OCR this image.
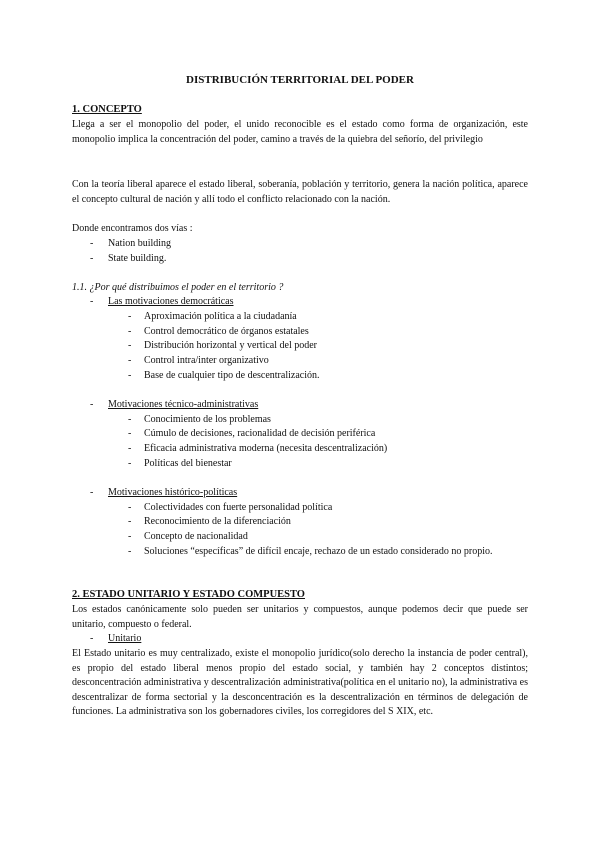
DISTRIBUCIÓN TERRITORIAL DEL PODER
1. CONCEPTO
Llega a ser el monopolio del poder, el unido reconocible es el estado como forma de organización, este monopolio implica la concentración del poder, camino a través de la quiebra del señorío, del privilegio
Con la teoría liberal aparece el estado liberal, soberanía, población y territorio, genera la nación política, aparece el concepto cultural de nación y allí todo el conflicto relacionado con la nación.
Donde encontramos dos vías :
- Nation building
- State building.
1.1. ¿Por qué distribuimos el poder en el territorio ?
- Las motivaciones democráticas
- Aproximación política a la ciudadanía
- Control democrático de órganos estatales
- Distribución horizontal y vertical del poder
- Control intra/inter organizativo
- Base de cualquier tipo de descentralización.
- Motivaciones técnico-administrativas
- Conocimiento de los problemas
- Cúmulo de decisiones, racionalidad de decisión periférica
- Eficacia administrativa moderna (necesita descentralización)
- Políticas del bienestar
- Motivaciones histórico-políticas
- Colectividades con fuerte personalidad política
- Reconocimiento de la diferenciación
- Concepto de nacionalidad
- Soluciones “específicas” de difícil encaje, rechazo de un estado considerado no propio.
2. ESTADO UNITARIO Y ESTADO COMPUESTO
Los estados canónicamente solo pueden ser unitarios y compuestos, aunque podemos decir que puede ser unitario, compuesto o federal.
- Unitario
El Estado unitario es muy centralizado, existe el monopolio jurídico(solo derecho la instancia de poder central), es propio del estado liberal menos propio del estado social, y también hay 2 conceptos distintos; desconcentración administrativa y descentralización administrativa(política en el unitario no), la administrativa es descentralizar de forma sectorial y la desconcentración es la descentralización en términos de delegación de funciones. La administrativa son los gobernadores civiles, los corregidores del S XIX, etc.
